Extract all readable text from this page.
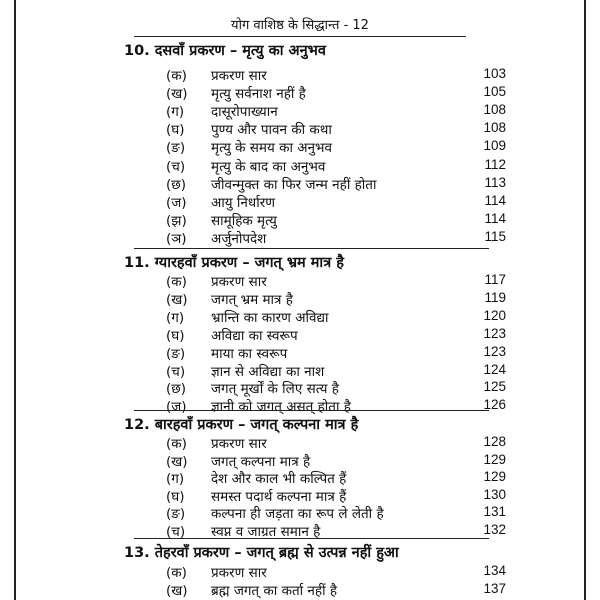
योग वाशिष्ठ के सिद्धान्त - 12
10. दसवाँ प्रकरण – मृत्यु का अनुभव
(क) प्रकरण सार	103
(ख) मृत्यु सर्वनाश नहीं है	105
(ग) दासूरोपाख्यान	108
(घ) पुण्य और पावन की कथा	108
(ङ) मृत्यु के समय का अनुभव	109
(च) मृत्यु के बाद का अनुभव	112
(छ) जीवन्मुक्त का फिर जन्म नहीं होता	113
(ज) आयु निर्धारण	114
(झ) सामूहिक मृत्यु	114
(ञ) अर्जुनोपदेश	115
11. ग्यारहवाँ प्रकरण – जगत् भ्रम मात्र है
(क) प्रकरण सार	117
(ख) जगत् भ्रम मात्र है	119
(ग) भ्रान्ति का कारण अविद्या	120
(घ) अविद्या का स्वरूप	123
(ङ) माया का स्वरूप	123
(च) ज्ञान से अविद्या का नाश	124
(छ) जगत् मूर्खों के लिए सत्य है	125
(ज) ज्ञानी को जगत् असत् होता है	126
12. बारहवाँ प्रकरण – जगत् कल्पना मात्र है
(क) प्रकरण सार	128
(ख) जगत् कल्पना मात्र है	129
(ग) देश और काल भी कल्पित हैं	129
(घ) समस्त पदार्थ कल्पना मात्र हैं	130
(ङ) कल्पना ही जड़ता का रूप ले लेती है	131
(च) स्वप्न व जाग्रत समान है	132
13. तेहरवाँ प्रकरण – जगत् ब्रह्म से उत्पन्न नहीं हुआ
(क) प्रकरण सार	134
(ख) ब्रह्म जगत् का कर्ता नहीं है	137
